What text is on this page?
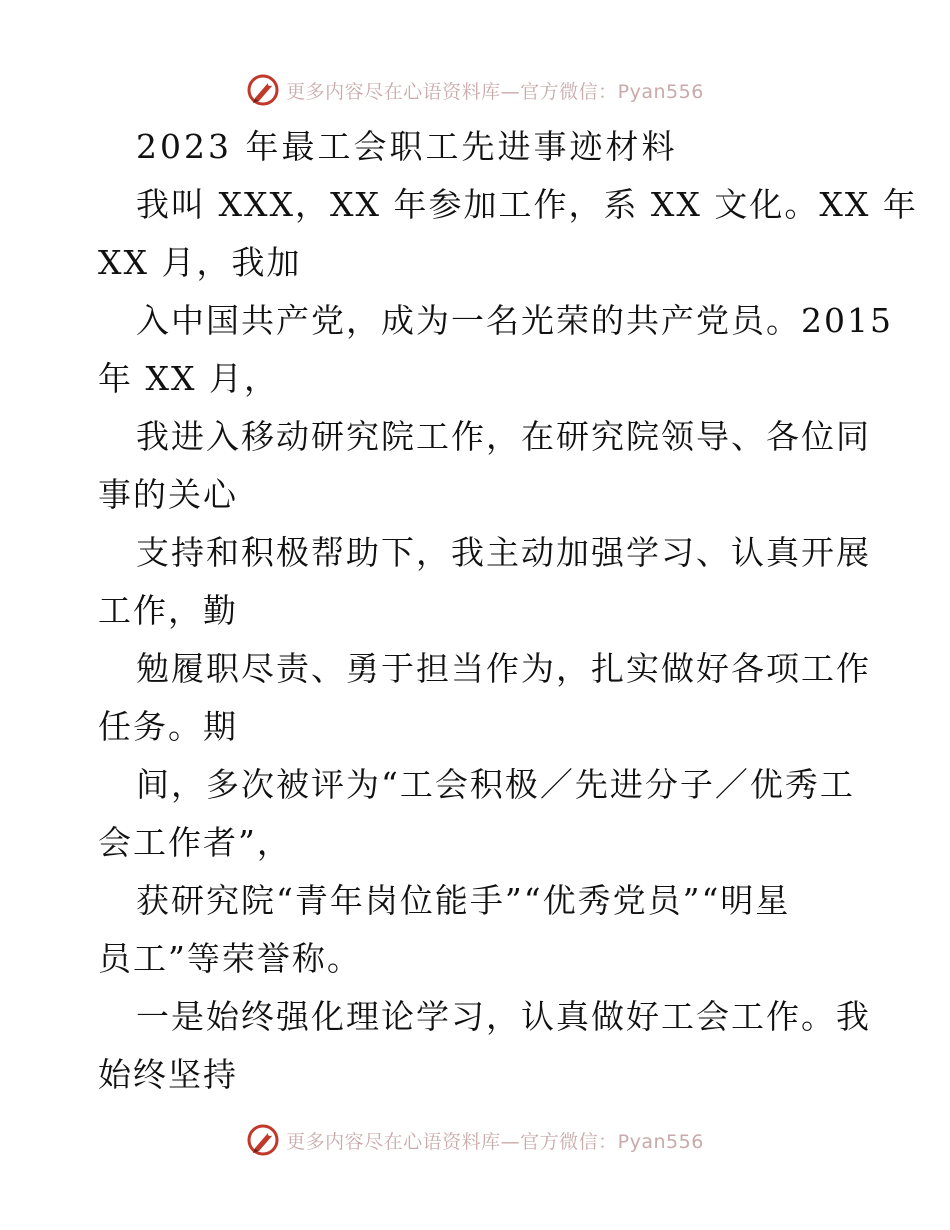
更多内容尽在心语资料库—官方微信：Pyan556
2023 年最工会职工先进事迹材料
我叫 XXX，XX 年参加工作，系 XX 文化。XX 年
XX 月，我加
入中国共产党，成为一名光荣的共产党员。2015
年 XX 月，
我进入移动研究院工作，在研究院领导、各位同
事的关心
支持和积极帮助下，我主动加强学习、认真开展
工作，勤
勉履职尽责、勇于担当作为，扎实做好各项工作
任务。期
间，多次被评为“工会积极／先进分子／优秀工
会工作者”，
获研究院“青年岗位能手”“优秀党员”“明星
员工”等荣誉称。
一是始终强化理论学习，认真做好工会工作。我
始终坚持
更多内容尽在心语资料库—官方微信：Pyan556
